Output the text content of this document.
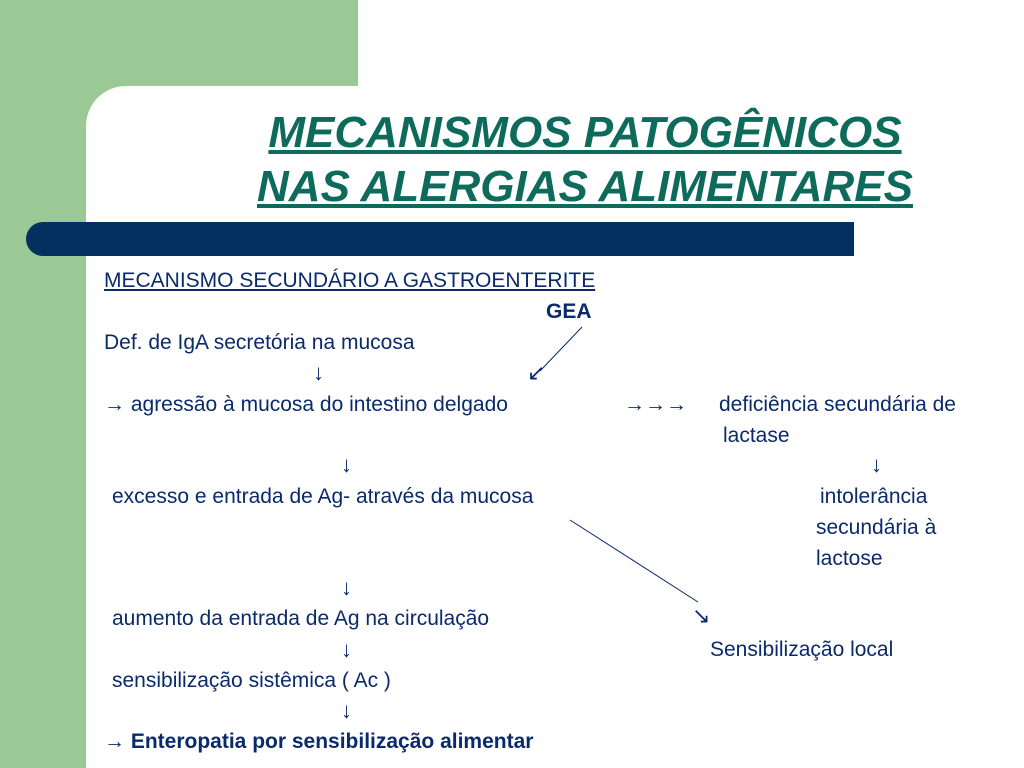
MECANISMOS PATOGÊNICOS
NAS ALERGIAS ALIMENTARES
MECANISMO SECUNDÁRIO A GASTROENTERITE
GEA
Def. de IgA secretória na mucosa
↓	↙
→ agressão à mucosa do intestino delgado	→→→ deficiência secundária de
lactase
↓	↓
excesso e entrada de Ag- através da mucosa	intolerância
secundária à
lactose
↓
aumento da entrada de Ag na circulação	↘
↓	Sensibilização local
sensibilização sistêmica ( Ac )
↓
→ Enteropatia por sensibilização alimentar
